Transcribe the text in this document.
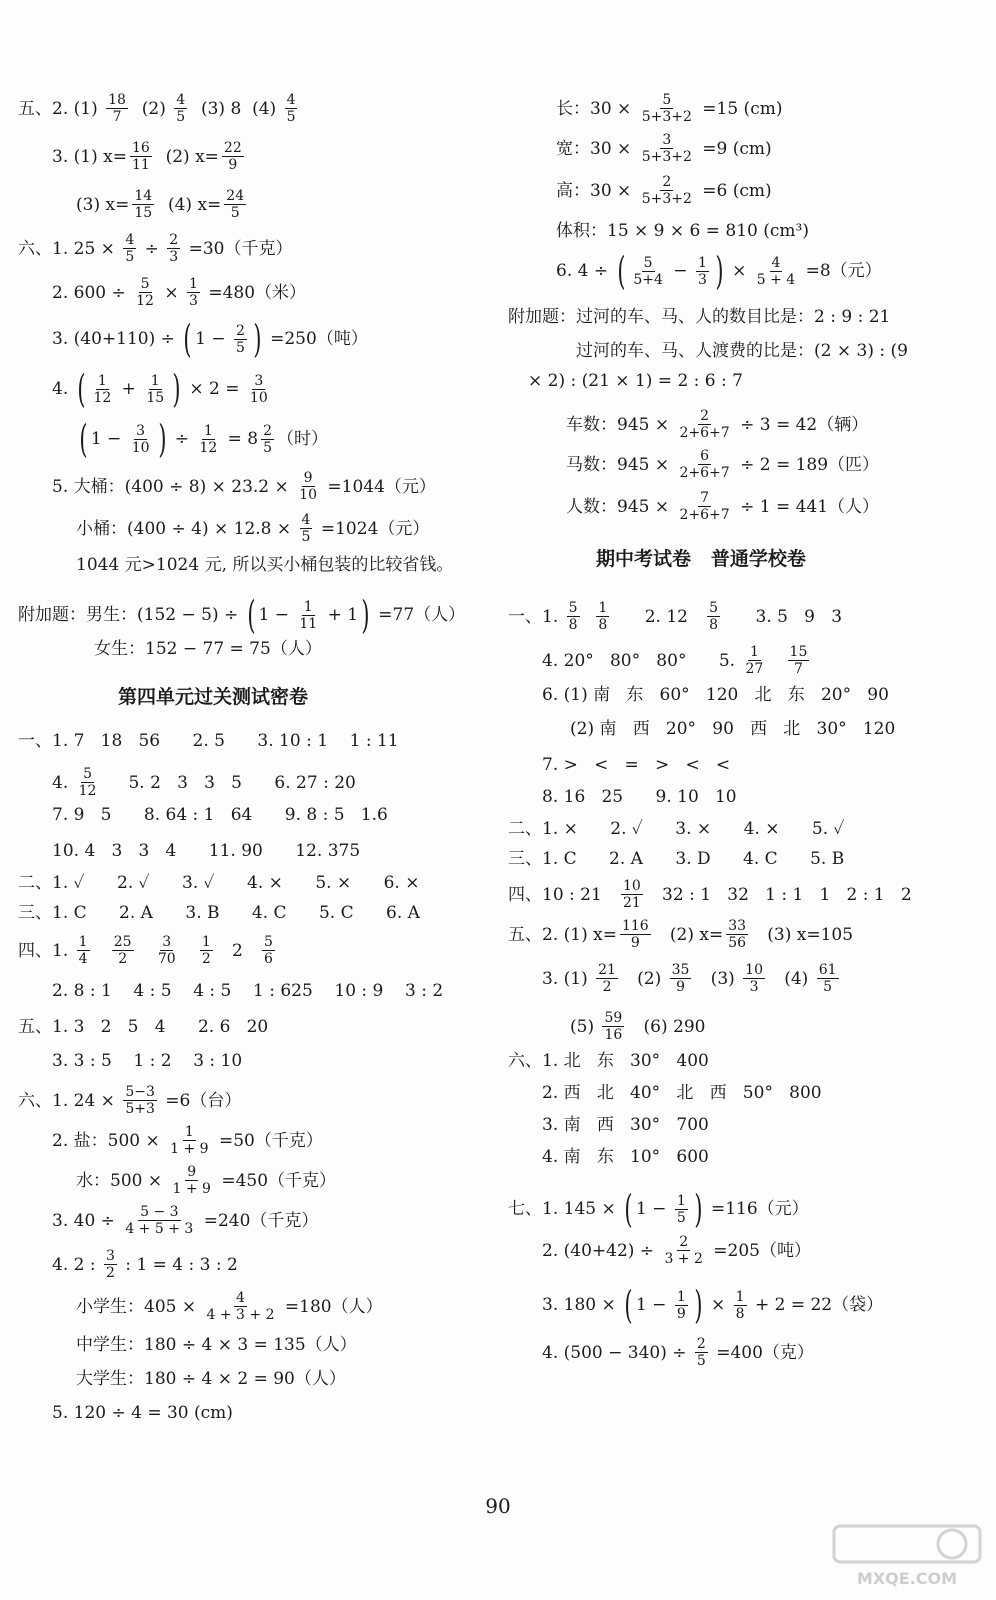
五、2. $(1) \frac{18}{7} (2) \frac{4}{5} (3)$ 8  $(4) \frac{4}{5}$
3. (1) $x= \frac{16}{11} (2)$ $x= \frac{22}{9}$
(3) $x= \frac{14}{15} (4)$ $x= \frac{24}{5}$
六、1. $25 \times \frac{4}{5} \div \frac{2}{3} =30$（千克）
2. $600 \div \frac{5}{12} \times \frac{1}{3} =480$（米）
3. (40+110) ÷ ( $1 - \frac{2}{5}$ ) =250（吨）
4. ( $\frac{1}{12} + \frac{1}{15}$ ) × $2 = \frac{3}{10}$
( $1 - \frac{3}{10}$ ) ÷ $\frac{1}{12} = 8 \frac{2}{5}$ （时）
5. 大桶：$(400 \div 8) \times 23.2 \times \frac{9}{10} =1044$（元）
小桶：$(400 \div 4) \times 12.8 \times \frac{4}{5} =1024$（元）
1044 元>1024 元, 所以买小桶包装的比较省钱。
附加题：男生：(152 − 5) ÷ ( $1 - \frac{1}{11} + 1$ ) =77（人）
女生：152 − 77 = 75（人）
第四单元过关测试密卷
一、1. 7   18   56      2. 5      3. 10 : 1    1 : 11
4. $\frac{5}{12} 5$. 2   3   3   5      6. 27 : 20
7. 9   5      8. 64 : 1   64      9. 8 : 5   1.6
10. 4   3   3   4      11. 90      12. 375
二、1. ✓      2. ✓      3. ✓      4. ×      5. ×      6. ×
三、1. C      2. A      3. B      4. C      5. C      6. A
四、1. $\frac{1}{4}$
$\frac{25}{2}$
$\frac{3}{70}$
$\frac{1}{2} 2 \frac{5}{6}$
2. 8 : 1    4 : 5    4 : 5    1 : 625    10 : 9    3 : 2
五、1. 3   2   5   4      2. 6   20
3. 3 : 5    1 : 2    3 : 10
六、1. $24 \times \frac{5-3}{5+3} =6$（台）
2. 盐：$500 \times \frac{1}{1 + 9} =50$（千克）
水：$500 \times \frac{9}{1 + 9} =450$（千克）
3. $40 \div \frac{5 - 3}{4 + 5 + 3} =240$（千克）
4. 2 : $\frac{3}{2}$ : 1 = 4 : 3 : 2
小学生：$405 \times \frac{4}{4 + 3 + 2} =180$（人）
中学生：180 ÷ 4 × 3 = 135（人）
大学生：180 ÷ 4 × 2 = 90（人）
5. 120 ÷ 4 = 30 (cm)
长：$30 \times \frac{5}{5+3+2} =15$ (cm)
宽：$30 \times \frac{3}{5+3+2} =9$ (cm)
高：$30 \times \frac{2}{5+3+2} =6$ (cm)
体积：15 × 9 × 6 = 810 (cm³)
6. 4 ÷ ( $\frac{5}{5+4} - \frac{1}{3}$ ) × $\frac{4}{5 + 4} =8$（元）
附加题：过河的车、马、人的数目比是：2 : 9 : 21
过河的车、马、人渡费的比是：(2 × 3) : (9
× 2) : (21 × 1) = 2 : 6 : 7
车数：$945 \times \frac{2}{2+6+7} \div 3 = 42$（辆）
马数：$945 \times \frac{6}{2+6+7} \div 2 = 189$（匹）
人数：$945 \times \frac{7}{2+6+7} \div 1 = 441$（人）
期中考试卷   普通学校卷
一、1. $\frac{5}{8}$
$\frac{1}{8} 2$. $12 \frac{5}{8} 3$. 5   9   3
4. 20°   80°   80°      5. $\frac{1}{27}$
$\frac{15}{7}$
6. (1) 南   东   60°   120   北   东   20°   90
(2) 南   西   20°   90   西   北   30°   120
7. >   <   =   >   <   <
8. 16   25      9. 10   10
二、1. ×      2. ✓      3. ×      4. ×      5. ✓
三、1. C      2. A      3. D      4. C      5. B
四、10 : $21 \frac{10}{21} 32$ : 1   32   1 : 1   1   2 : 1   2
五、2. (1) $x= \frac{116}{9} (2)$ $x= \frac{33}{56} (3)$ x=105
3. $(1) \frac{21}{2} (2) \frac{35}{9} (3) \frac{10}{3} (4) \frac{61}{5}$
$(5) \frac{59}{16} (6)$ 290
六、1. 北   东   30°   400
2. 西   北   40°   北   西   50°   800
3. 南   西   30°   700
4. 南   东   10°   600
七、1. 145 × ( $1 - \frac{1}{5}$ ) =116（元）
2. $(40+42) \div \frac{2}{3 + 2} =205$（吨）
3. 180 × ( $1 - \frac{1}{9}$ ) × $\frac{1}{8} + 2 = 22$（袋）
4. $(500 - 340) \div \frac{2}{5} =400$（克）
90
MXQE.COM
